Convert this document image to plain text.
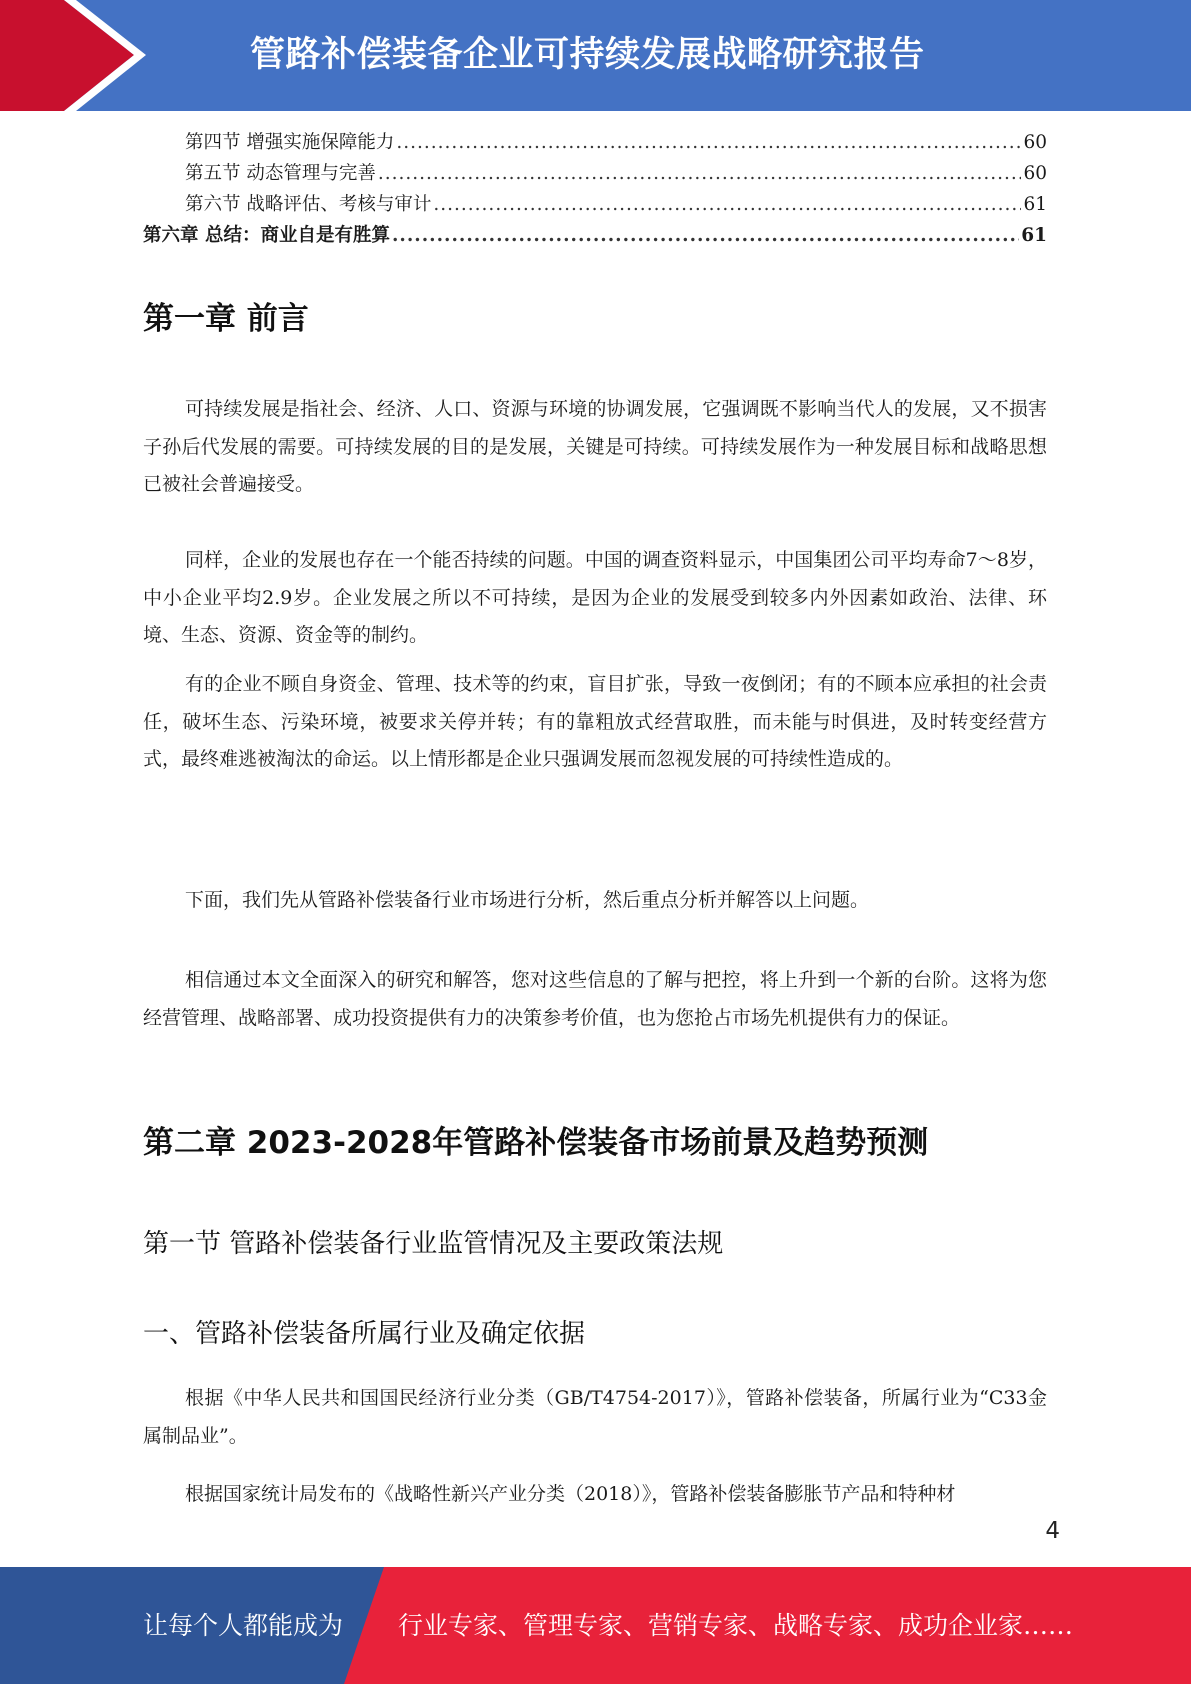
管路补偿装备企业可持续发展战略研究报告
第四节 增强实施保障能力 .....	60
第五节 动态管理与完善 .....	60
第六节 战略评估、考核与审计 .....	61
第六章 总结：商业自是有胜算 .....	61
第一章 前言

可持续发展是指社会、经济、人口、资源与环境的协调发展，它强调既不影响当代人的发展，又不损害子孙后代发展的需要。可持续发展的目的是发展，关键是可持续。可持续发展作为一种发展目标和战略思想已被社会普遍接受。

同样，企业的发展也存在一个能否持续的问题。中国的调查资料显示，中国集团公司平均寿命7～8岁，中小企业平均2.9岁。企业发展之所以不可持续，是因为企业的发展受到较多内外因素如政治、法律、环境、生态、资源、资金等的制约。

有的企业不顾自身资金、管理、技术等的约束，盲目扩张，导致一夜倒闭；有的不顾本应承担的社会责任，破坏生态、污染环境，被要求关停并转；有的靠粗放式经营取胜，而未能与时俱进，及时转变经营方式，最终难逃被淘汰的命运。以上情形都是企业只强调发展而忽视发展的可持续性造成的。

下面，我们先从管路补偿装备行业市场进行分析，然后重点分析并解答以上问题。

相信通过本文全面深入的研究和解答，您对这些信息的了解与把控，将上升到一个新的台阶。这将为您经营管理、战略部署、成功投资提供有力的决策参考价值，也为您抢占市场先机提供有力的保证。

第二章 2023-2028年管路补偿装备市场前景及趋势预测
第一节 管路补偿装备行业监管情况及主要政策法规
一、管路补偿装备所属行业及确定依据

根据《中华人民共和国国民经济行业分类（GB/T4754-2017）》，管路补偿装备，所属行业为“C33金属制品业”。

根据国家统计局发布的《战略性新兴产业分类（2018）》，管路补偿装备膨胀节产品和特种材

4
让每个人都能成为 行业专家、管理专家、营销专家、战略专家、成功企业家……
